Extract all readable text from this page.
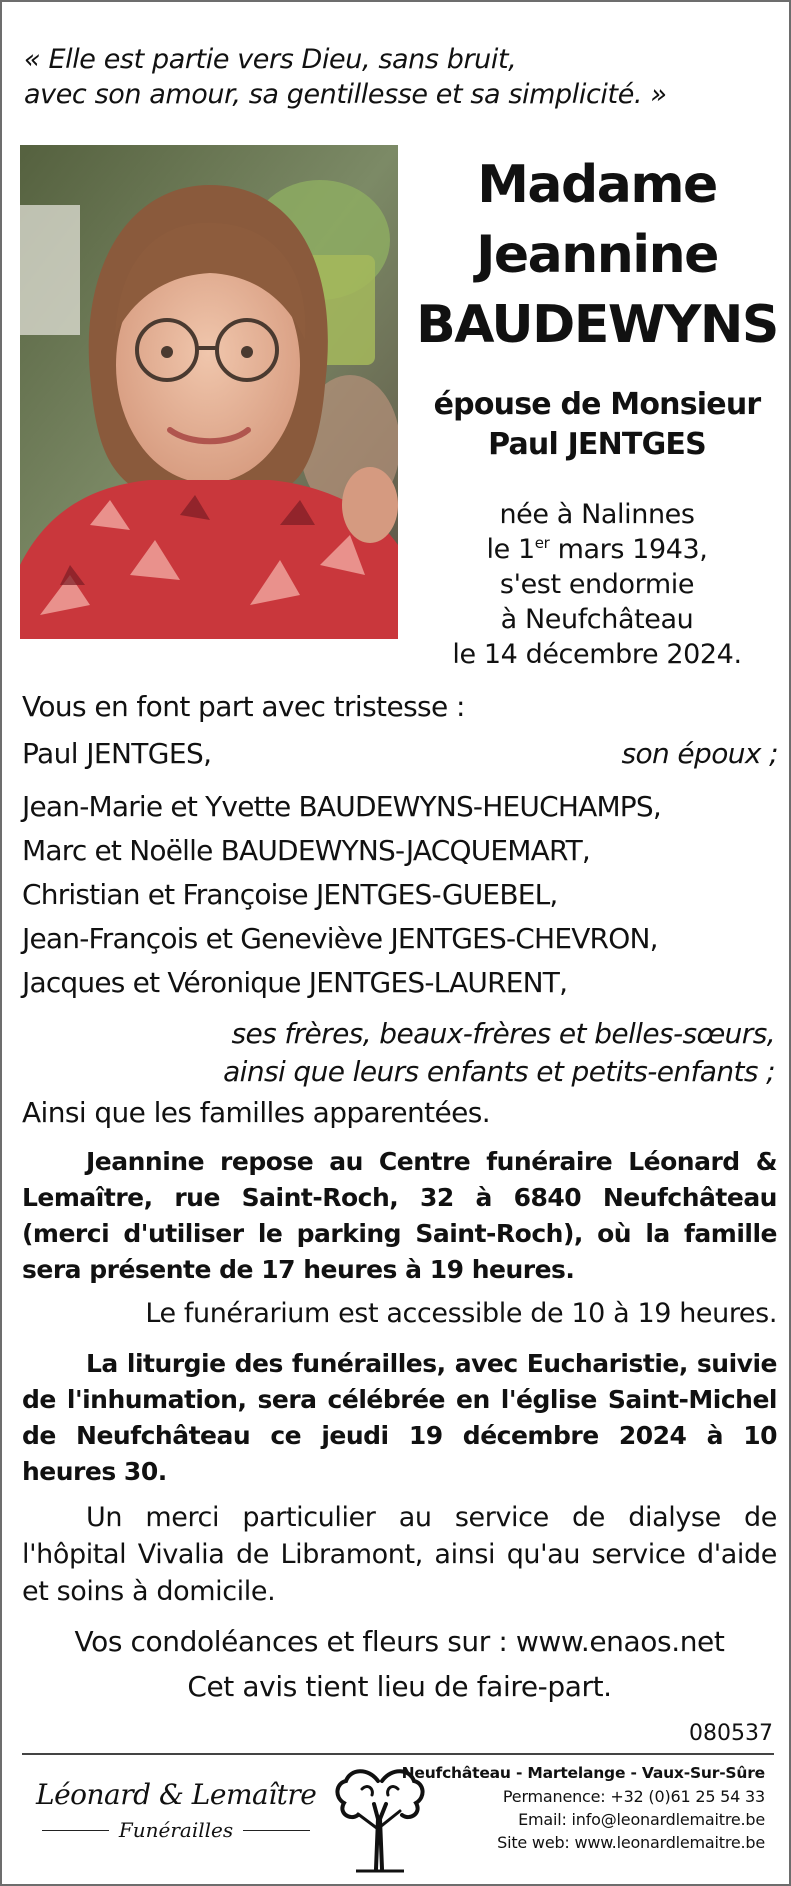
« Elle est partie vers Dieu, sans bruit,
avec son amour, sa gentillesse et sa simplicité. »
Madame
Jeannine
BAUDEWYNS
épouse de Monsieur
Paul JENTGES
née à Nalinnes
le 1er mars 1943,
s'est endormie
à Neufchâteau
le 14 décembre 2024.
Vous en font part avec tristesse :
Paul JENTGES,	son époux ;
Jean-Marie et Yvette BAUDEWYNS-HEUCHAMPS,
Marc et Noëlle BAUDEWYNS-JACQUEMART,
Christian et Françoise JENTGES-GUEBEL,
Jean-François et Geneviève JENTGES-CHEVRON,
Jacques et Véronique JENTGES-LAURENT,
ses frères, beaux-frères et belles-sœurs,
ainsi que leurs enfants et petits-enfants ;
Ainsi que les familles apparentées.
Jeannine repose au Centre funéraire Léonard & Lemaître, rue Saint-Roch, 32 à 6840 Neufchâteau (merci d'utiliser le parking Saint-Roch), où la famille sera présente de 17 heures à 19 heures.
Le funérarium est accessible de 10 à 19 heures.
La liturgie des funérailles, avec Eucharistie, suivie de l'inhumation, sera célébrée en l'église Saint-Michel de Neufchâteau ce jeudi 19 décembre 2024 à 10 heures 30.
Un merci particulier au service de dialyse de l'hôpital Vivalia de Libramont, ainsi qu'au service d'aide et soins à domicile.
Vos condoléances et fleurs sur : www.enaos.net
Cet avis tient lieu de faire-part.
080537
Léonard & Lemaître
Funérailles
Neufchâteau - Martelange - Vaux-Sur-Sûre
Permanence: +32 (0)61 25 54 33
Email: info@leonardlemaitre.be
Site web: www.leonardlemaitre.be
